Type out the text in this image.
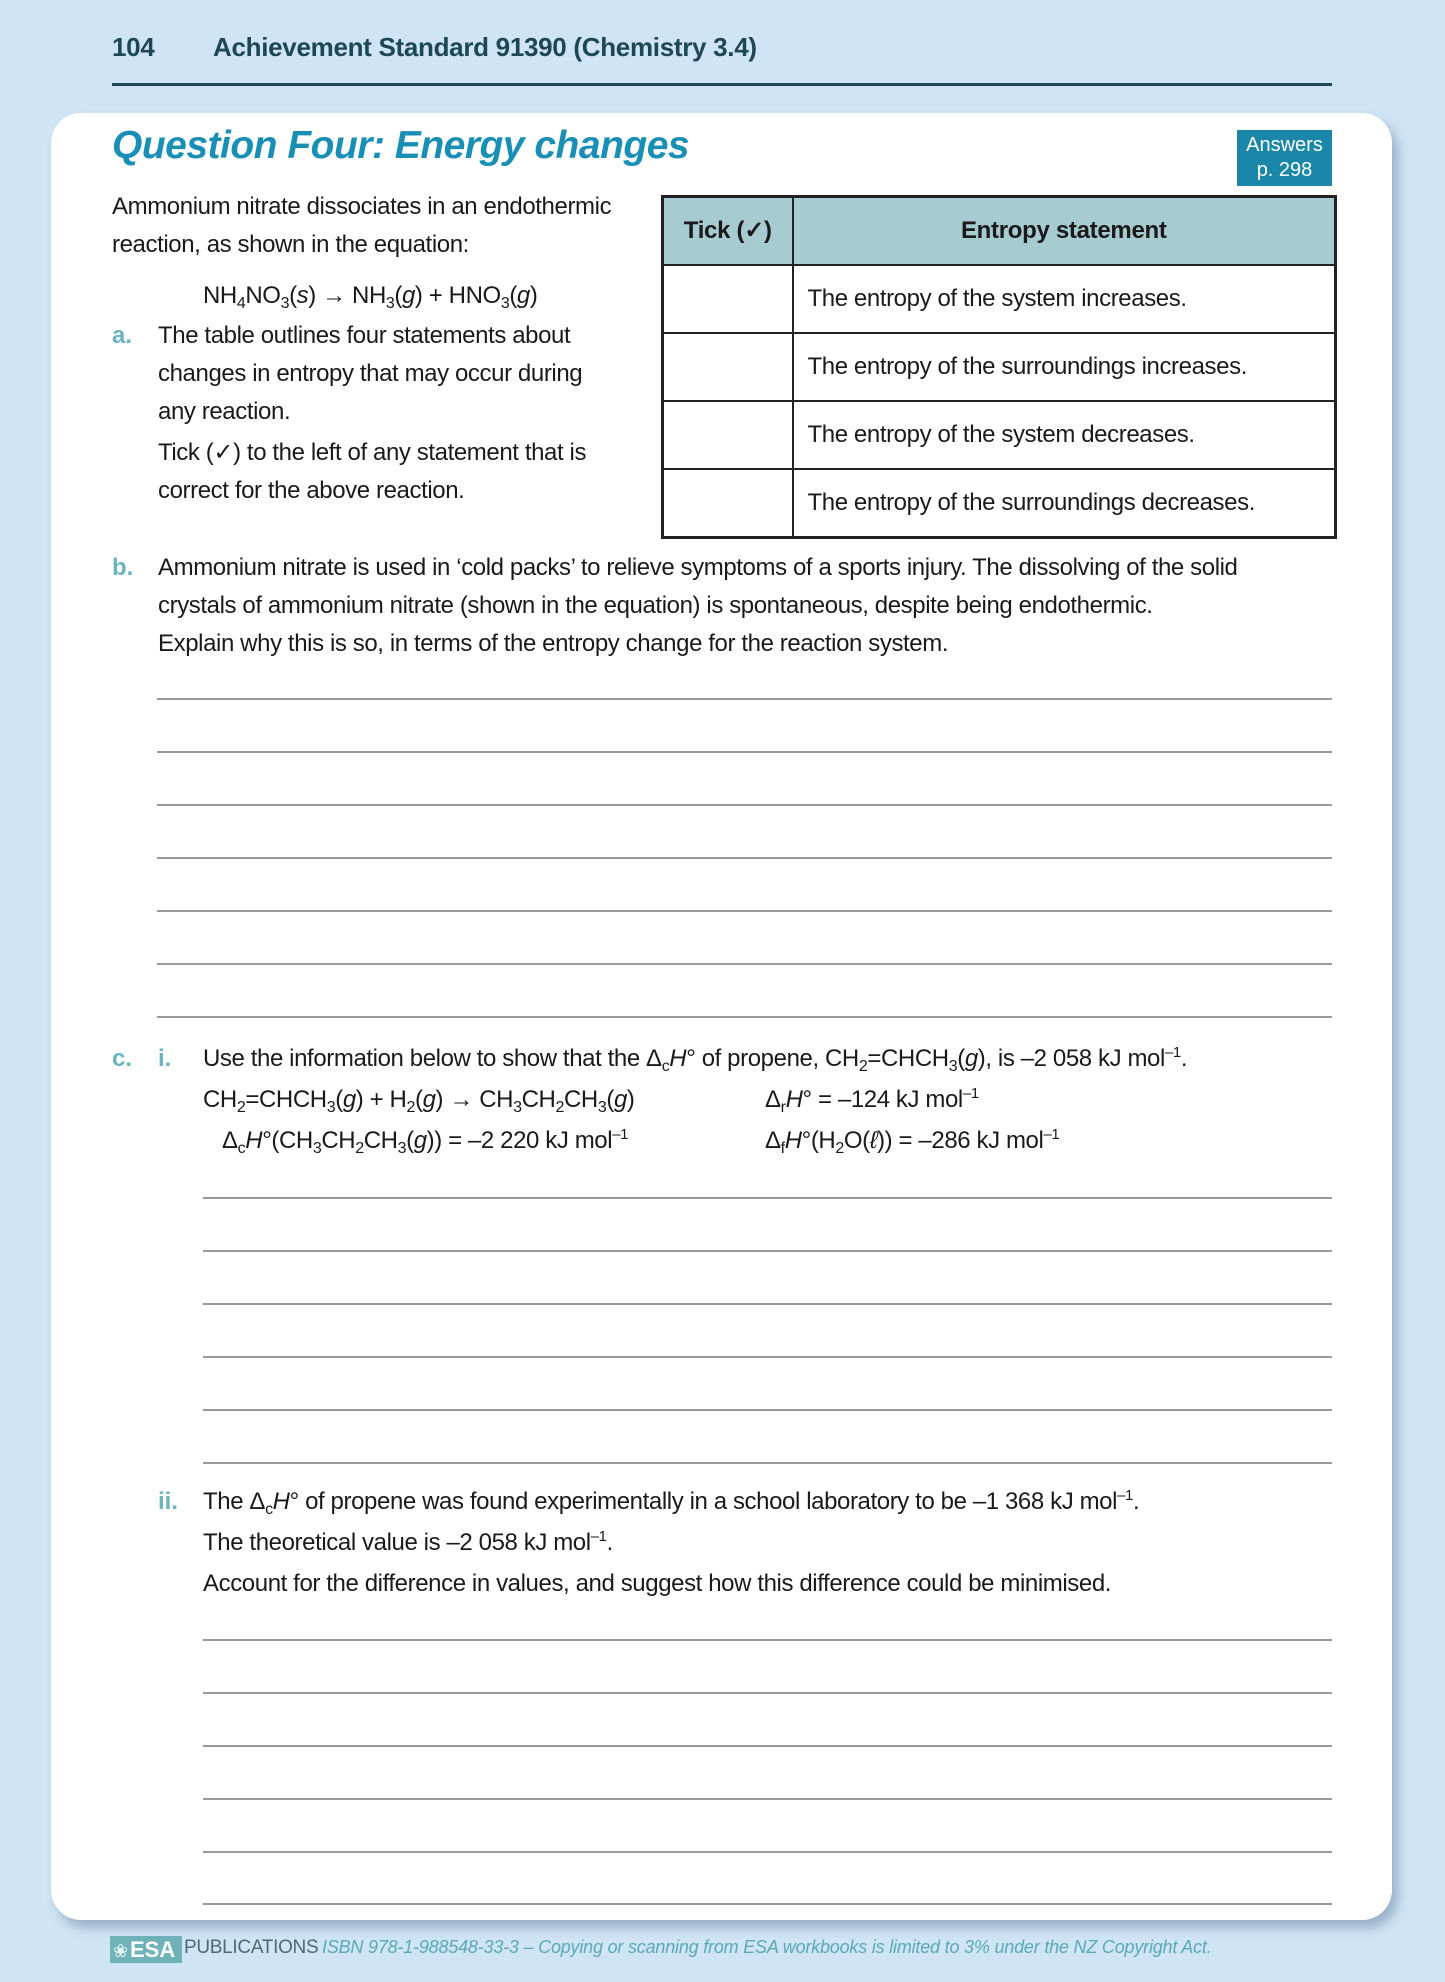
104 Achievement Standard 91390 (Chemistry 3.4)
Question Four: Energy changes	Answers
p. 298
Ammonium nitrate dissociates in an endothermic
reaction, as shown in the equation:
$NH_4NO_3(s) \to NH_3(g) + HNO_3(g)$
a. The table outlines four statements about
changes in entropy that may occur during
any reaction.
Tick (✓) to the left of any statement that is
correct for the above reaction.
Tick (✓)	Entropy statement
	The entropy of the system increases.
	The entropy of the surroundings increases.
	The entropy of the system decreases.
	The entropy of the surroundings decreases.
b. Ammonium nitrate is used in ‘cold packs’ to relieve symptoms of a sports injury. The dissolving of the solid
crystals of ammonium nitrate (shown in the equation) is spontaneous, despite being endothermic.
Explain why this is so, in terms of the entropy change for the reaction system.
c. i. Use the information below to show that the $\Delta_cH^\circ$ of propene, $CH_2=CHCH_3(g)$, is –2 058 kJ mol$^{-1}$.
$CH_2=CHCH_3(g) + H_2(g) \to CH_3CH_2CH_3(g)$	$\Delta_rH^\circ = -124$ kJ mol$^{-1}$
$\Delta_cH^\circ(CH_3CH_2CH_3(g)) = -2$ 220 kJ mol$^{-1}$	$\Delta_fH^\circ(H_2O(\ell)) = -286$ kJ mol$^{-1}$
ii. The $\Delta_cH^\circ$ of propene was found experimentally in a school laboratory to be –1 368 kJ mol$^{-1}$.
The theoretical value is –2 058 kJ mol$^{-1}$.
Account for the difference in values, and suggest how this difference could be minimised.
❀ ESA PUBLICATIONS ISBN 978-1-988548-33-3 – Copying or scanning from ESA workbooks is limited to 3% under the NZ Copyright Act.
